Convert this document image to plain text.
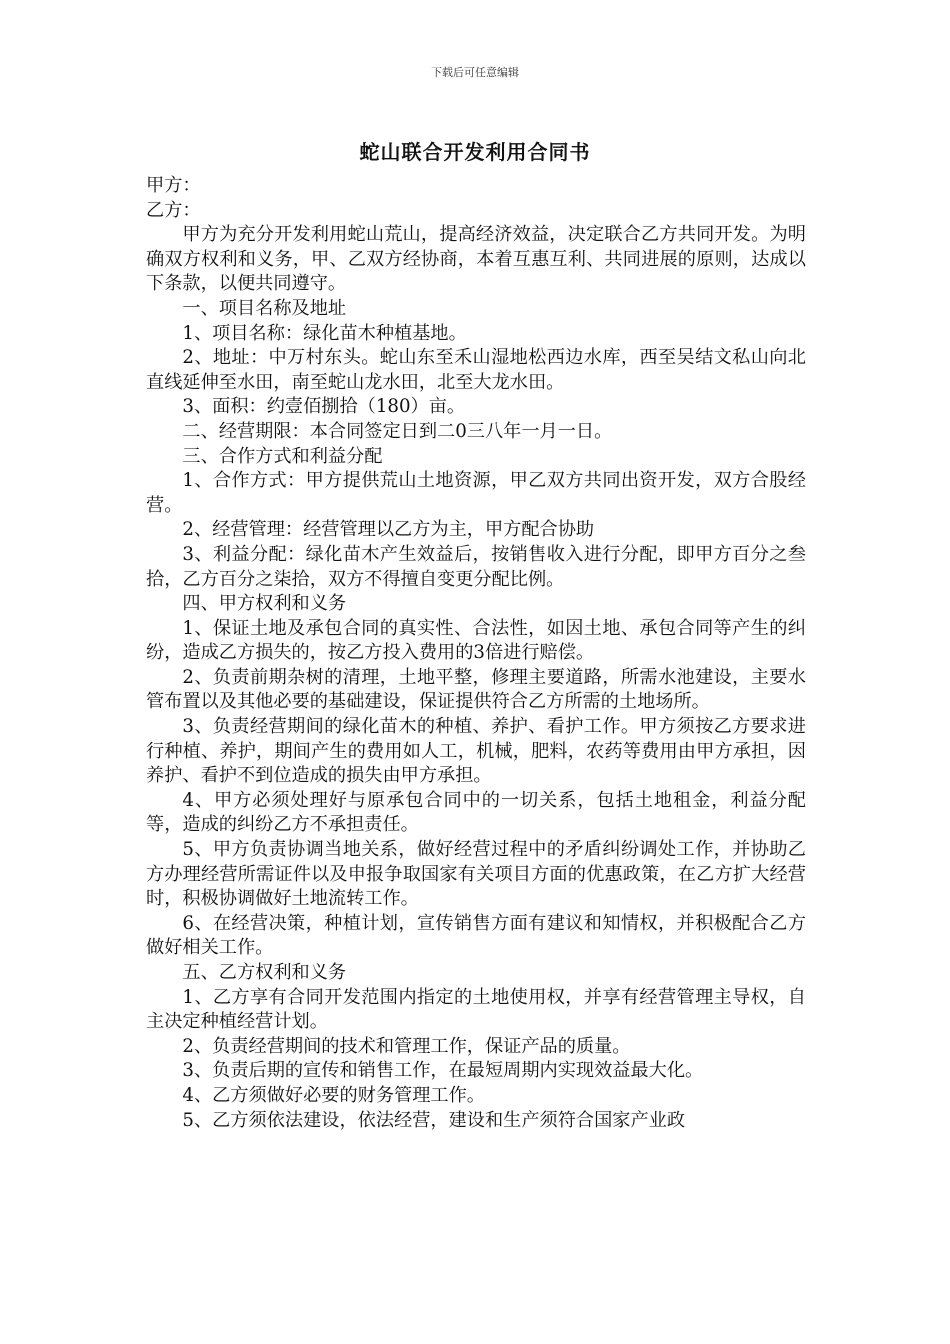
下载后可任意编辑
蛇山联合开发利用合同书

甲方：

乙方：

甲方为充分开发利用蛇山荒山，提高经济效益，决定联合乙方共同开发。为明确双方权利和义务，甲、乙双方经协商，本着互惠互利、共同进展的原则，达成以下条款，以便共同遵守。

一、项目名称及地址

1、项目名称：绿化苗木种植基地。

2、地址：中万村东头。蛇山东至禾山湿地松西边水库，西至吴结文私山向北直线延伸至水田，南至蛇山龙水田，北至大龙水田。

3、面积：约壹佰捌拾（180）亩。

二、经营期限：本合同签定日到二0三八年一月一日。

三、合作方式和利益分配

1、合作方式：甲方提供荒山土地资源，甲乙双方共同出资开发，双方合股经营。

2、经营管理：经营管理以乙方为主，甲方配合协助

3、利益分配：绿化苗木产生效益后，按销售收入进行分配，即甲方百分之叁拾，乙方百分之柒拾，双方不得擅自变更分配比例。

四、甲方权利和义务

1、保证土地及承包合同的真实性、合法性，如因土地、承包合同等产生的纠纷，造成乙方损失的，按乙方投入费用的3倍进行赔偿。

2、负责前期杂树的清理，土地平整，修理主要道路，所需水池建设，主要水管布置以及其他必要的基础建设，保证提供符合乙方所需的土地场所。

3、负责经营期间的绿化苗木的种植、养护、看护工作。甲方须按乙方要求进行种植、养护，期间产生的费用如人工，机械，肥料，农药等费用由甲方承担，因养护、看护不到位造成的损失由甲方承担。

4、甲方必须处理好与原承包合同中的一切关系，包括土地租金，利益分配等，造成的纠纷乙方不承担责任。

5、甲方负责协调当地关系，做好经营过程中的矛盾纠纷调处工作，并协助乙方办理经营所需证件以及申报争取国家有关项目方面的优惠政策，在乙方扩大经营时，积极协调做好土地流转工作。

6、在经营决策，种植计划，宣传销售方面有建议和知情权，并积极配合乙方做好相关工作。

五、乙方权利和义务

1、乙方享有合同开发范围内指定的土地使用权，并享有经营管理主导权，自主决定种植经营计划。

2、负责经营期间的技术和管理工作，保证产品的质量。

3、负责后期的宣传和销售工作，在最短周期内实现效益最大化。

4、乙方须做好必要的财务管理工作。

5、乙方须依法建设，依法经营，建设和生产须符合国家产业政
